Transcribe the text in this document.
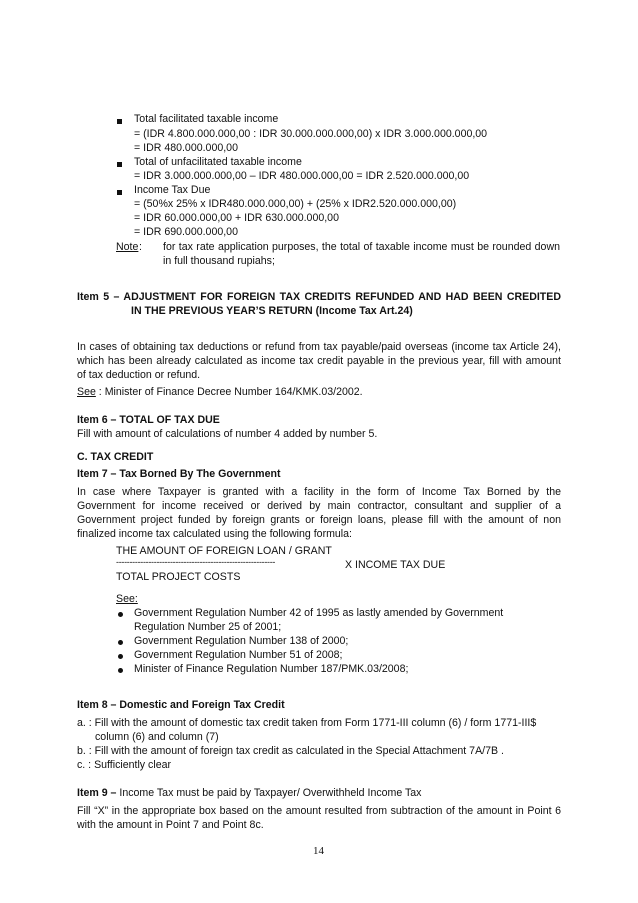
Total facilitated taxable income
= (IDR 4.800.000.000,00 : IDR 30.000.000.000,00) x IDR 3.000.000.000,00
= IDR 480.000.000,00
Total of unfacilitated taxable income
= IDR 3.000.000.000,00 – IDR 480.000.000,00 = IDR 2.520.000.000,00
Income Tax Due
= (50%x 25% x IDR480.000.000,00) + (25% x IDR2.520.000.000,00)
= IDR 60.000.000,00 + IDR 630.000.000,00
= IDR 690.000.000,00
Note : for tax rate application purposes, the total of taxable income must be rounded down
in full thousand rupiahs;
Item 5 – ADJUSTMENT FOR FOREIGN TAX CREDITS REFUNDED AND HAD BEEN CREDITED
IN THE PREVIOUS YEAR’S RETURN (Income Tax Art.24)
In cases of obtaining tax deductions or refund from tax payable/paid overseas (income tax Article 24),
which has been already calculated as income tax credit payable in the previous year, fill with amount
of tax deduction or refund.
See : Minister of Finance Decree Number 164/KMK.03/2002.
Item 6 – TOTAL OF TAX DUE
Fill with amount of calculations of number 4 added by number 5.
C. TAX CREDIT
Item 7 – Tax Borned By The Government
In case where Taxpayer is granted with a facility in the form of Income Tax Borned by the
Government for income received or derived by main contractor, consultant and supplier of a
Government project funded by foreign grants or foreign loans, please fill with the amount of non
finalized income tax calculated using the following formula:
THE AMOUNT OF FOREIGN LOAN / GRANT
-----------------------------------------------------------	X INCOME TAX DUE
TOTAL PROJECT COSTS
See:
Government Regulation Number 42 of 1995 as lastly amended by Government
Regulation Number 25 of 2001;
Government Regulation Number 138 of 2000;
Government Regulation Number 51 of 2008;
Minister of Finance Regulation Number 187/PMK.03/2008;
Item 8 – Domestic and Foreign Tax Credit
a. : Fill with the amount of domestic tax credit taken from Form 1771-III column (6) / form 1771-III$
column (6) and column (7)
b. : Fill with the amount of foreign tax credit as calculated in the Special Attachment 7A/7B .
c. : Sufficiently clear
Item 9 – Income Tax must be paid by Taxpayer/ Overwithheld Income Tax
Fill “X” in the appropriate box based on the amount resulted from subtraction of the amount in Point 6
with the amount in Point 7 and Point 8c.
14
